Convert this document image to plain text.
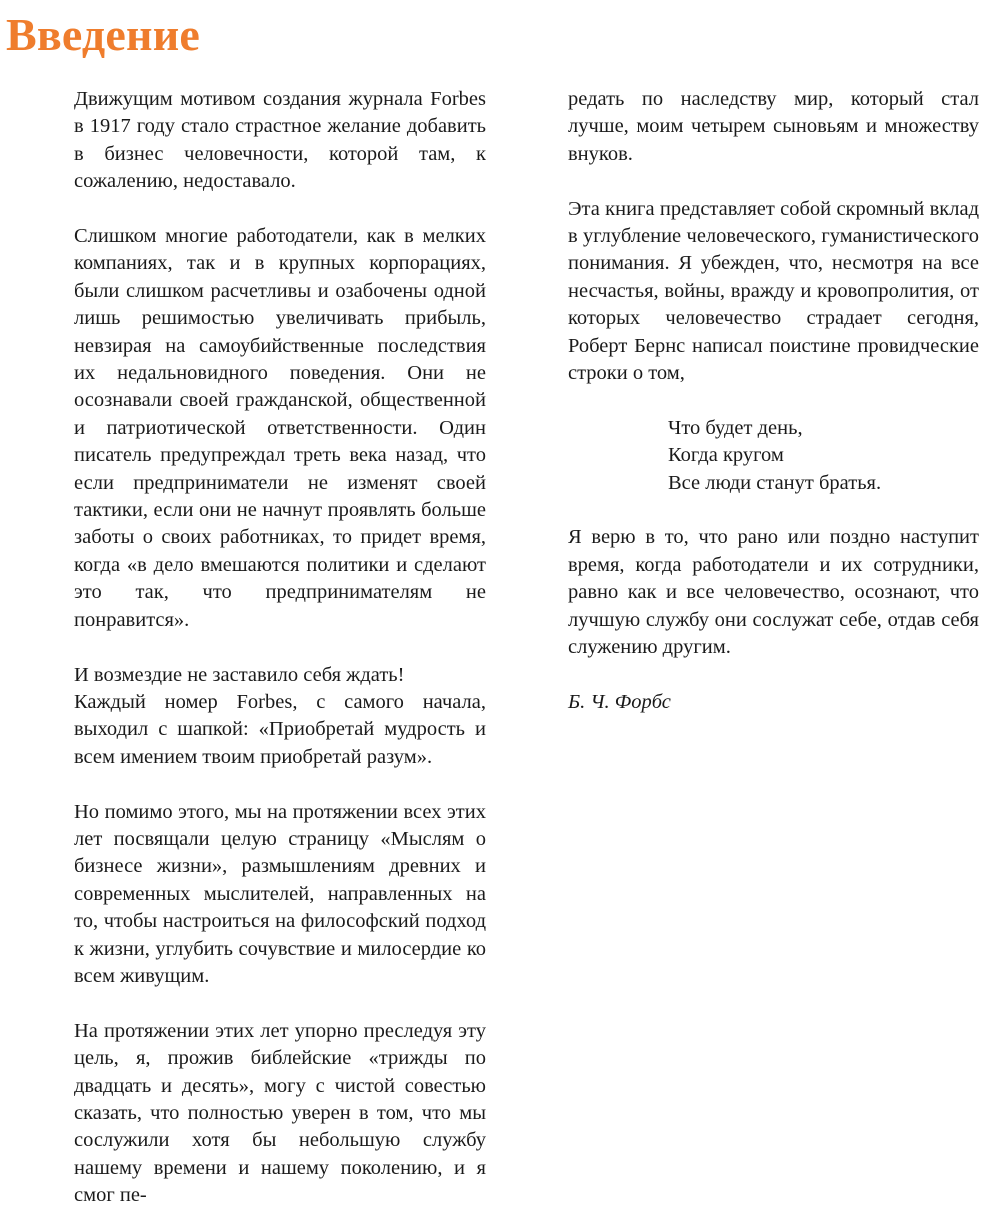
Введение

Движущим мотивом создания журнала Forbes в 1917 году стало страстное желание добавить в бизнес человечности, которой там, к сожалению, недоставало.

Слишком многие работодатели, как в мелких компаниях, так и в крупных корпорациях, были слишком расчетливы и озабочены одной лишь решимостью увеличивать прибыль, невзирая на самоубийственные последствия их недальновидного поведения. Они не осознавали своей гражданской, общественной и патриотической ответственности. Один писатель предупреждал треть века назад, что если предприниматели не изменят своей тактики, если они не начнут проявлять больше заботы о своих работниках, то придет время, когда «в дело вмешаются политики и сделают это так, что предпринимателям не понравится».

И возмездие не заставило себя ждать!

Каждый номер Forbes, с самого начала, выходил с шапкой: «Приобретай мудрость и всем имением твоим приобретай разум».

Но помимо этого, мы на протяжении всех этих лет посвящали целую страницу «Мыслям о бизнесе жизни», размышлениям древних и современных мыслителей, направленных на то, чтобы настроиться на философский подход к жизни, углубить сочувствие и милосердие ко всем живущим.

На протяжении этих лет упорно преследуя эту цель, я, прожив библейские «трижды по двадцать и десять», могу с чистой совестью сказать, что полностью уверен в том, что мы сослужили хотя бы небольшую службу нашему времени и нашему поколению, и я смог пе-

редать по наследству мир, который стал лучше, моим четырем сыновьям и множеству внуков.

Эта книга представляет собой скромный вклад в углубление человеческого, гуманистического понимания. Я убежден, что, несмотря на все несчастья, войны, вражду и кровопролития, от которых человечество страдает сегодня, Роберт Бернс написал поистине провидческие строки о том,

Что будет день,
Когда кругом
Все люди станут братья.

Я верю в то, что рано или поздно наступит время, когда работодатели и их сотрудники, равно как и все человечество, осознают, что лучшую службу они сослужат себе, отдав себя служению другим.

Б. Ч. Форбс
